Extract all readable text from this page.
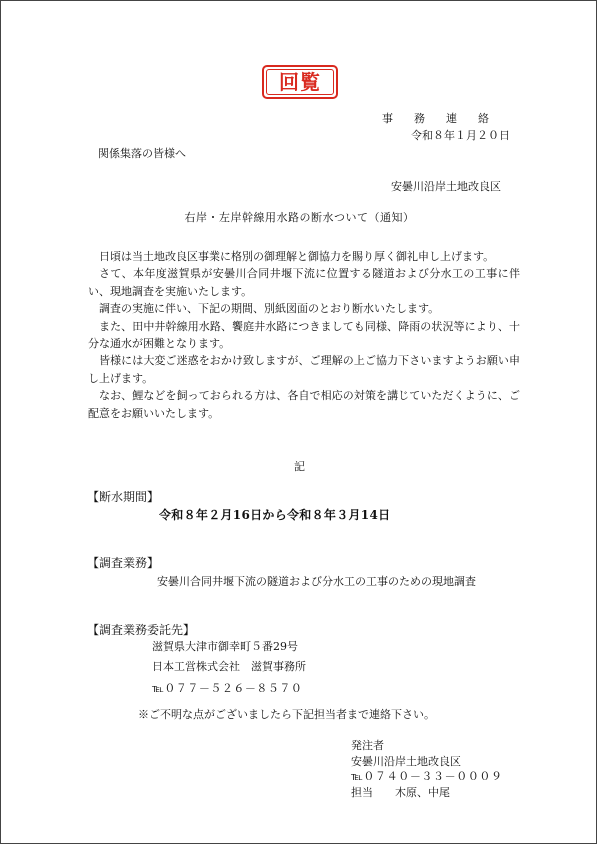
回覧
事務連絡
令和８年１月２０日
関係集落の皆様へ
安曇川沿岸土地改良区
右岸・左岸幹線用水路の断水ついて（通知）

日頃は当土地改良区事業に格別の御理解と御協力を賜り厚く御礼申し上げます。

さて、本年度滋賀県が安曇川合同井堰下流に位置する隧道および分水工の工事に伴い、現地調査を実施いたします。

調査の実施に伴い、下記の期間、別紙図面のとおり断水いたします。

また、田中井幹線用水路、饗庭井水路につきましても同様、降雨の状況等により、十分な通水が困難となります。

皆様には大変ご迷惑をおかけ致しますが、ご理解の上ご協力下さいますようお願い申し上げます。

なお、鯉などを飼っておられる方は、各自で相応の対策を講じていただくように、ご配意をお願いいたします。

記
【断水期間】
令和８年２月16日から令和８年３月14日
【調査業務】
安曇川合同井堰下流の隧道および分水工の工事のための現地調査
【調査業務委託先】
滋賀県大津市御幸町５番29号
日本工営株式会社　滋賀事務所
℡０７７－５２６－８５７０
※ご不明な点がございましたら下記担当者まで連絡下さい。
発注者
安曇川沿岸土地改良区
℡０７４０－３３－０００９
担当　　木原、中尾
